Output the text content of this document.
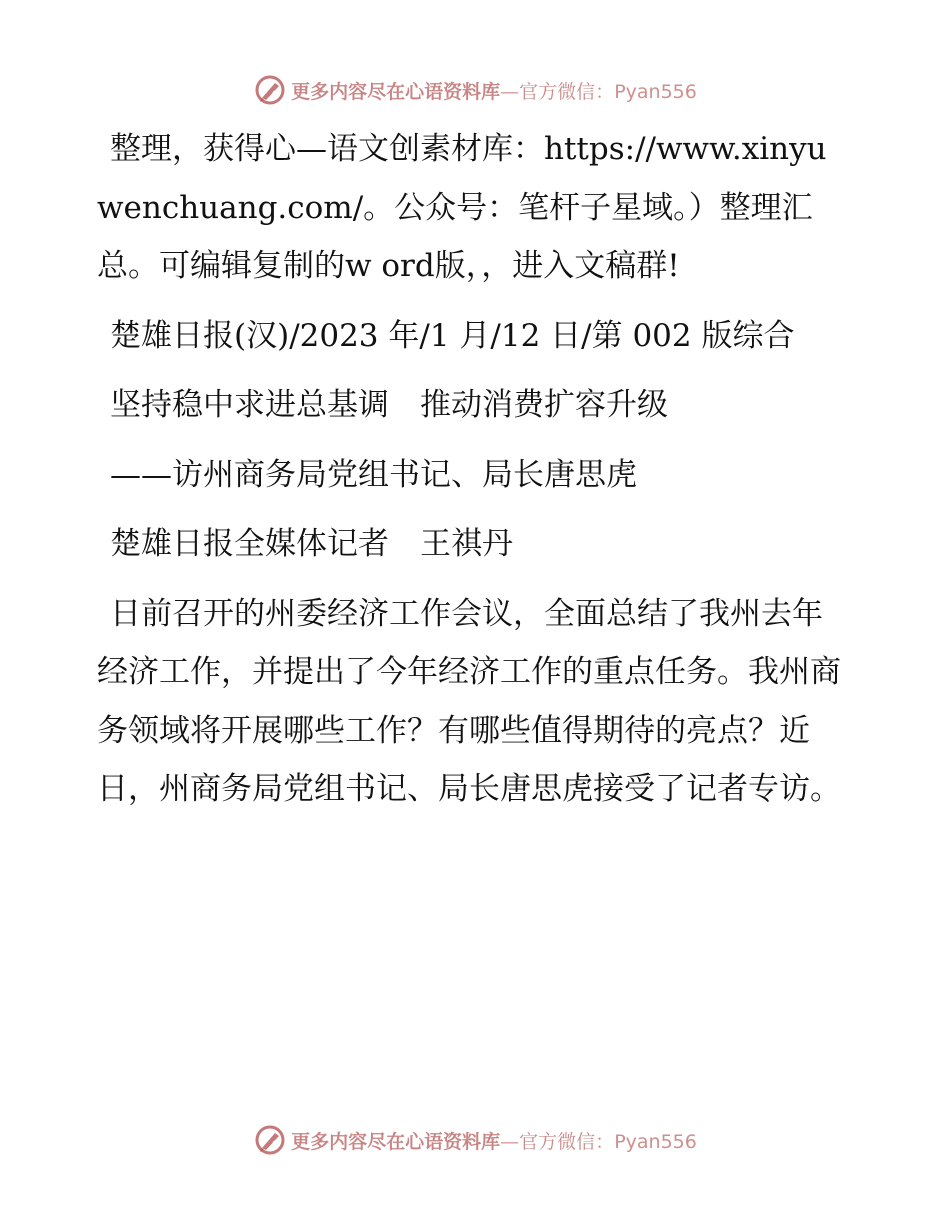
更多内容尽在心语资料库—官方微信：Pyan556

整理，获得心—语文创素材库：https://www.xinyuwenchuang.com/。公众号：笔杆子星域。）整理汇总。可编辑复制的w ord版，，进入文稿群!

楚雄日报(汉)/2023 年/1 月/12 日/第 002 版综合

坚持稳中求进总基调　推动消费扩容升级

——访州商务局党组书记、局长唐思虎

楚雄日报全媒体记者　王祺丹

日前召开的州委经济工作会议，全面总结了我州去年经济工作，并提出了今年经济工作的重点任务。我州商务领域将开展哪些工作？有哪些值得期待的亮点？近日，州商务局党组书记、局长唐思虎接受了记者专访。

更多内容尽在心语资料库—官方微信：Pyan556
